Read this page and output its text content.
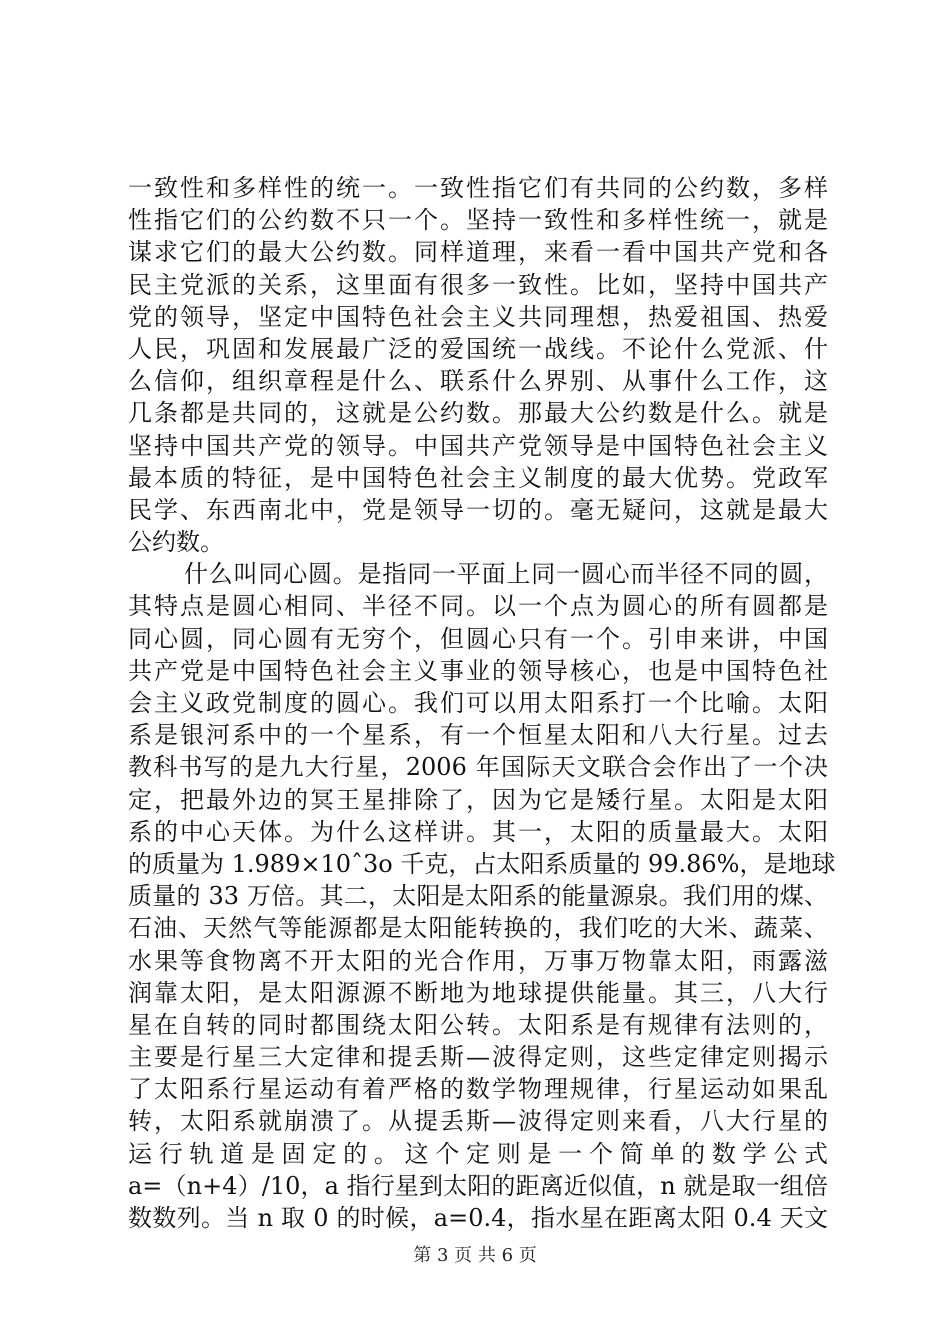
一致性和多样性的统一。一致性指它们有共同的公约数，多样
性指它们的公约数不只一个。坚持一致性和多样性统一，就是
谋求它们的最大公约数。同样道理，来看一看中国共产党和各
民主党派的关系，这里面有很多一致性。比如，坚持中国共产
党的领导，坚定中国特色社会主义共同理想，热爱祖国、热爱
人民，巩固和发展最广泛的爱国统一战线。不论什么党派、什
么信仰，组织章程是什么、联系什么界别、从事什么工作，这
几条都是共同的，这就是公约数。那最大公约数是什么。就是
坚持中国共产党的领导。中国共产党领导是中国特色社会主义
最本质的特征，是中国特色社会主义制度的最大优势。党政军
民学、东西南北中，党是领导一切的。毫无疑问，这就是最大
公约数。
什么叫同心圆。是指同一平面上同一圆心而半径不同的圆，
其特点是圆心相同、半径不同。以一个点为圆心的所有圆都是
同心圆，同心圆有无穷个，但圆心只有一个。引申来讲，中国
共产党是中国特色社会主义事业的领导核心，也是中国特色社
会主义政党制度的圆心。我们可以用太阳系打一个比喻。太阳
系是银河系中的一个星系，有一个恒星太阳和八大行星。过去
教科书写的是九大行星，2006 年国际天文联合会作出了一个决
定，把最外边的冥王星排除了，因为它是矮行星。太阳是太阳
系的中心天体。为什么这样讲。其一，太阳的质量最大。太阳
的质量为 1.989×10ˆ3o 千克，占太阳系质量的 99.86%，是地球
质量的 33 万倍。其二，太阳是太阳系的能量源泉。我们用的煤、
石油、天然气等能源都是太阳能转换的，我们吃的大米、蔬菜、
水果等食物离不开太阳的光合作用，万事万物靠太阳，雨露滋
润靠太阳，是太阳源源不断地为地球提供能量。其三，八大行
星在自转的同时都围绕太阳公转。太阳系是有规律有法则的，
主要是行星三大定律和提丢斯—波得定则，这些定律定则揭示
了太阳系行星运动有着严格的数学物理规律，行星运动如果乱
转，太阳系就崩溃了。从提丢斯—波得定则来看，八大行星的
运行轨道是固定的。这个定则是一个简单的数学公式
a=（n+4）/10，a 指行星到太阳的距离近似值，n 就是取一组倍
数数列。当 n 取 0 的时候，a=0.4，指水星在距离太阳 0.4 天文
第 3 页 共 6 页
